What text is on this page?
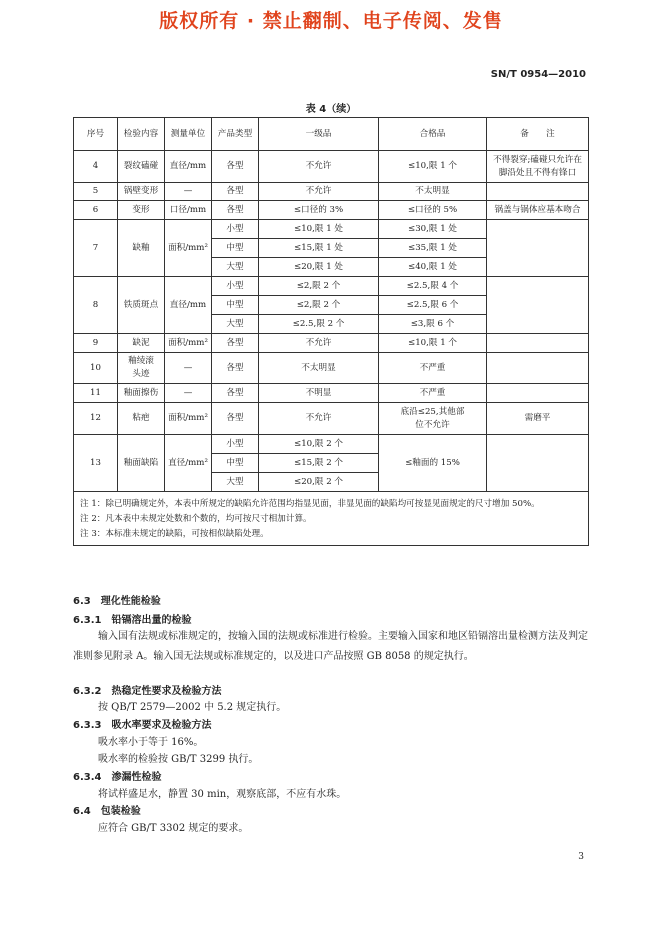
版权所有 · 禁止翻制、电子传阅、发售
SN/T 0954—2010
表 4（续）
序号	检验内容	测量单位	产品类型	一级品	合格品	备　　注
4	裂纹磕碰	直径/mm	各型	不允许	≤10,限 1 个	不得裂穿;磕碰只允许在脚沿处且不得有锋口
5	锅壁变形	—	各型	不允许	不太明显	
6	变形	口径/mm	各型	≤口径的 3%	≤口径的 5%	锅盖与锅体应基本吻合
7	缺釉	面积/mm²	小型	≤10,限 1 处	≤30,限 1 处	
			中型	≤15,限 1 处	≤35,限 1 处	
			大型	≤20,限 1 处	≤40,限 1 处	
8	铁质斑点	直径/mm	小型	≤2,限 2 个	≤2.5,限 4 个	
			中型	≤2,限 2 个	≤2.5,限 6 个	
			大型	≤2.5,限 2 个	≤3,限 6 个	
9	缺泥	面积/mm²	各型	不允许	≤10,限 1 个	
10	釉绫滚头迹	—	各型	不太明显	不严重	
11	釉面擦伤	—	各型	不明显	不严重	
12	粘疤	面积/mm²	各型	不允许	底沿≤25,其他部位不允许	需磨平
13	釉面缺陷	直径/mm²	小型	≤10,限 2 个	≤釉面的 15%	
			中型	≤15,限 2 个		
			大型	≤20,限 2 个		

注 1：除已明确规定外，本表中所规定的缺陷允许范围均指显见面，非显见面的缺陷均可按显见面规定的尺寸增加 50%。
注 2：凡本表中未规定处数和个数的，均可按尺寸相加计算。
注 3：本标准未规定的缺陷，可按相似缺陷处理。						
6.3 理化性能检验
6.3.1 铅镉溶出量的检验
输入国有法规或标准规定的，按输入国的法规或标准进行检验。主要输入国家和地区铅镉溶出量检测方法及判定准则参见附录 A。输入国无法规或标准规定的，以及进口产品按照 GB 8058 的规定执行。
6.3.2 热稳定性要求及检验方法
按 QB/T 2579—2002 中 5.2 规定执行。
6.3.3 吸水率要求及检验方法
吸水率小于等于 16%。
吸水率的检验按 GB/T 3299 执行。
6.3.4 渗漏性检验
将试样盛足水，静置 30 min，观察底部，不应有水珠。
6.4 包装检验
应符合 GB/T 3302 规定的要求。
3
